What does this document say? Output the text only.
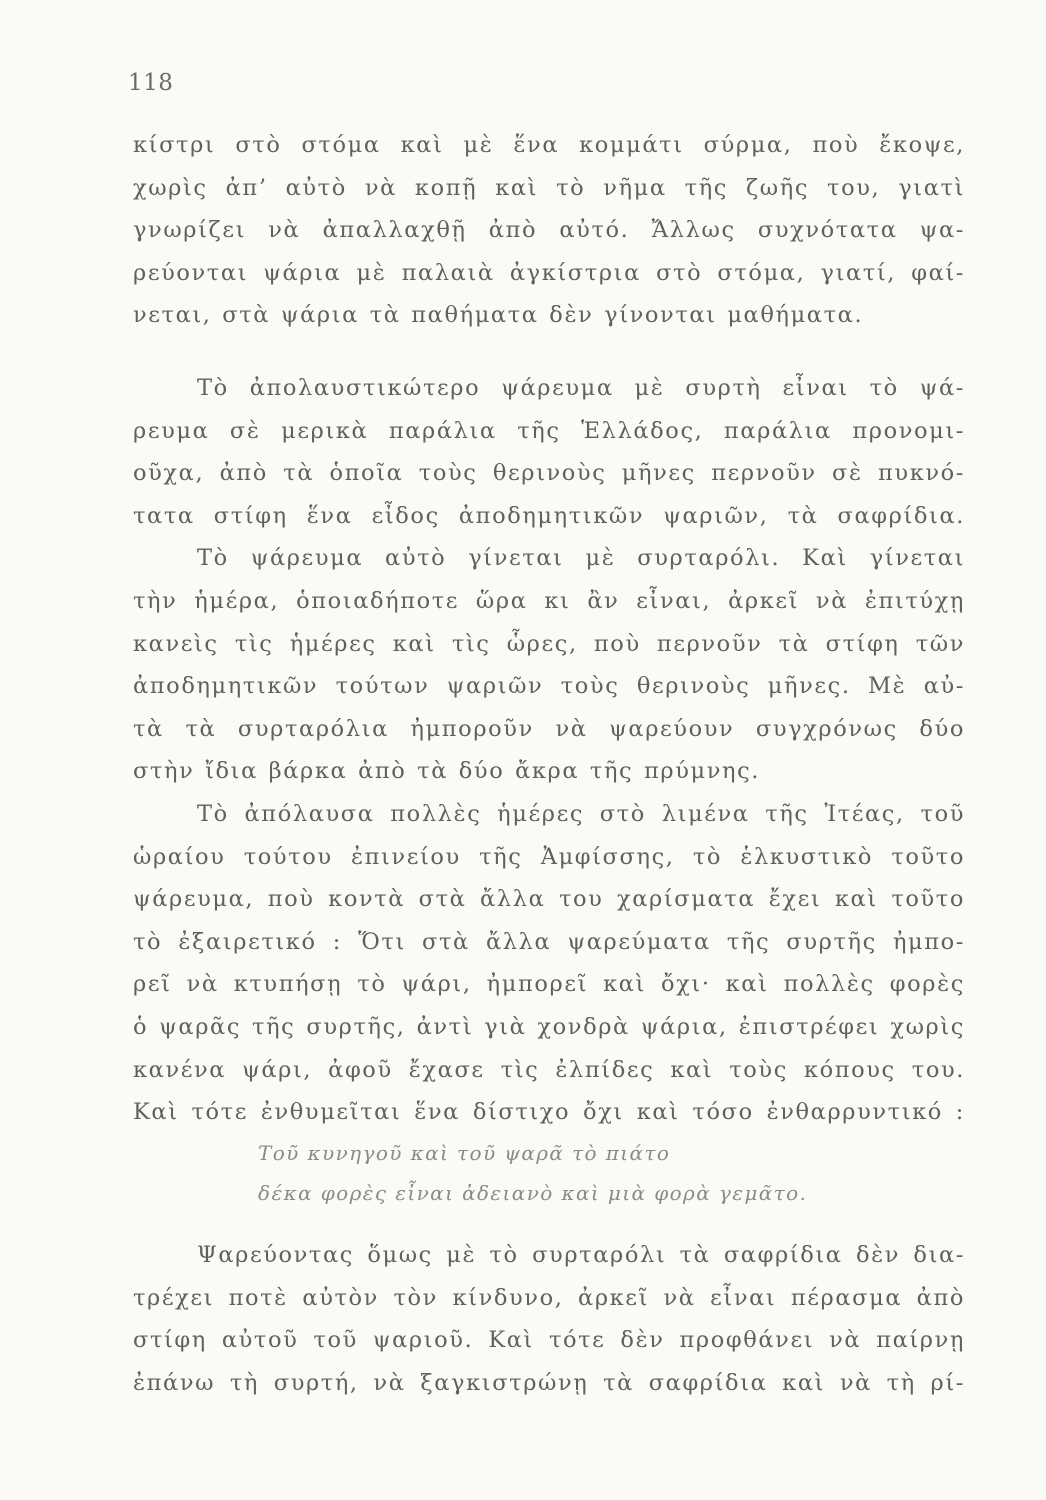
118
κίστρι στὸ στόμα καὶ μὲ ἕνα κομμάτι σύρμα, ποὺ ἔκοψε,
χωρὶς ἀπ’ αὐτὸ νὰ κοπῇ καὶ τὸ νῆμα τῆς ζωῆς του, γιατὶ
γνωρίζει νὰ ἀπαλλαχθῇ ἀπὸ αὐτό. Ἄλλως συχνότατα ψα-
ρεύονται ψάρια μὲ παλαιὰ ἀγκίστρια στὸ στόμα, γιατί, φαί-
νεται, στὰ ψάρια τὰ παθήματα δὲν γίνονται μαθήματα.
Τὸ ἀπολαυστικώτερο ψάρευμα μὲ συρτὴ εἶναι τὸ ψά-
ρευμα σὲ μερικὰ παράλια τῆς Ἑλλάδος, παράλια προνομι-
οῦχα, ἀπὸ τὰ ὁποῖα τοὺς θερινοὺς μῆνες περνοῦν σὲ πυκνό-
τατα στίφη ἕνα εἶδος ἀποδημητικῶν ψαριῶν, τὰ σαφρίδια.
Τὸ ψάρευμα αὐτὸ γίνεται μὲ συρταρόλι. Καὶ γίνεται
τὴν ἡμέρα, ὁποιαδήποτε ὥρα κι ἂν εἶναι, ἀρκεῖ νὰ ἐπιτύχῃ
κανεὶς τὶς ἡμέρες καὶ τὶς ὧρες, ποὺ περνοῦν τὰ στίφη τῶν
ἀποδημητικῶν τούτων ψαριῶν τοὺς θερινοὺς μῆνες. Μὲ αὐ-
τὰ τὰ συρταρόλια ἠμποροῦν νὰ ψαρεύουν συγχρόνως δύο
στὴν ἴδια βάρκα ἀπὸ τὰ δύο ἄκρα τῆς πρύμνης.
Τὸ ἀπόλαυσα πολλὲς ἡμέρες στὸ λιμένα τῆς Ἰτέας, τοῦ
ὡραίου τούτου ἐπινείου τῆς Ἀμφίσσης, τὸ ἑλκυστικὸ τοῦτο
ψάρευμα, ποὺ κοντὰ στὰ ἄλλα του χαρίσματα ἔχει καὶ τοῦτο
τὸ ἐξαιρετικό : Ὅτι στὰ ἄλλα ψαρεύματα τῆς συρτῆς ἠμπο-
ρεῖ νὰ κτυπήσῃ τὸ ψάρι, ἠμπορεῖ καὶ ὄχι· καὶ πολλὲς φορὲς
ὁ ψαρᾶς τῆς συρτῆς, ἀντὶ γιὰ χονδρὰ ψάρια, ἐπιστρέφει χωρὶς
κανένα ψάρι, ἀφοῦ ἔχασε τὶς ἐλπίδες καὶ τοὺς κόπους του.
Καὶ τότε ἐνθυμεῖται ἕνα δίστιχο ὄχι καὶ τόσο ἐνθαρρυντικό :
Τοῦ κυνηγοῦ καὶ τοῦ ψαρᾶ τὸ πιάτο
δέκα φορὲς εἶναι ἀδειανὸ καὶ μιὰ φορὰ γεμᾶτο.
Ψαρεύοντας ὅμως μὲ τὸ συρταρόλι τὰ σαφρίδια δὲν δια-
τρέχει ποτὲ αὐτὸν τὸν κίνδυνο, ἀρκεῖ νὰ εἶναι πέρασμα ἀπὸ
στίφη αὐτοῦ τοῦ ψαριοῦ. Καὶ τότε δὲν προφθάνει νὰ παίρνῃ
ἐπάνω τὴ συρτή, νὰ ξαγκιστρώνῃ τὰ σαφρίδια καὶ νὰ τὴ ρί-
